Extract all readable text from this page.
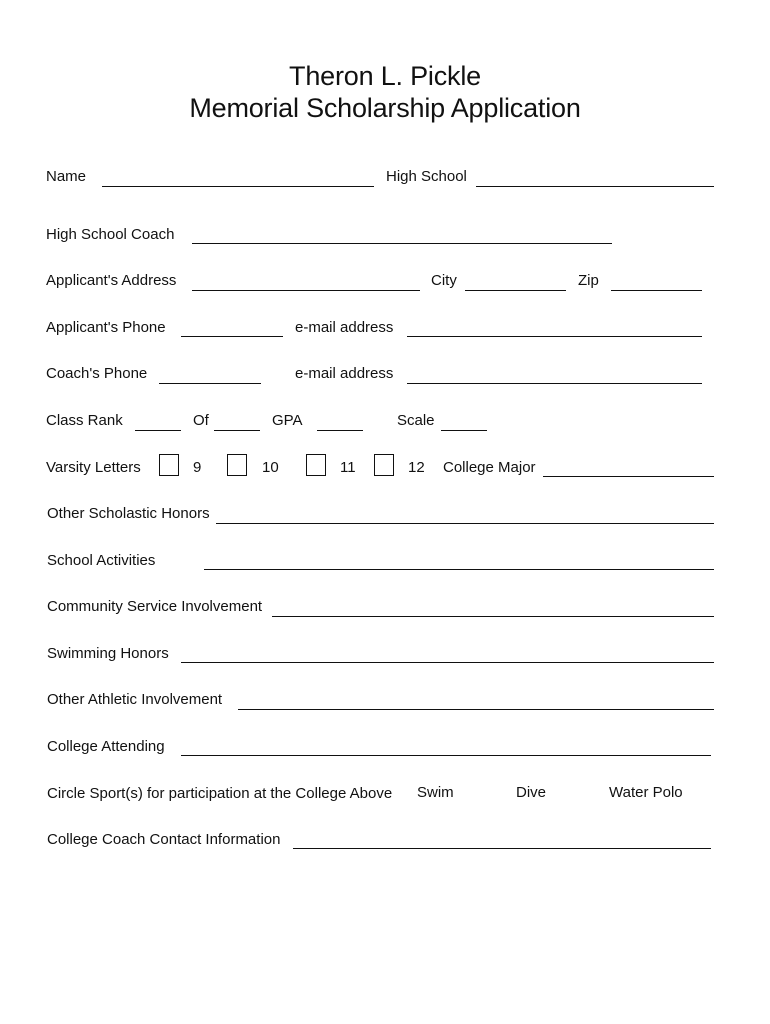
Theron L. Pickle
Memorial Scholarship Application
Name	High School
High School Coach
Applicant's Address	City	Zip
Applicant's Phone	e-mail address
Coach's Phone	e-mail address
Class Rank	Of	GPA	Scale
Varsity Letters	9	10	11	12 College Major
Other Scholastic Honors
School Activities
Community Service Involvement
Swimming Honors
Other Athletic Involvement
College Attending
Circle Sport(s) for participation at the College Above Swim	Dive	Water Polo
College Coach Contact Information
